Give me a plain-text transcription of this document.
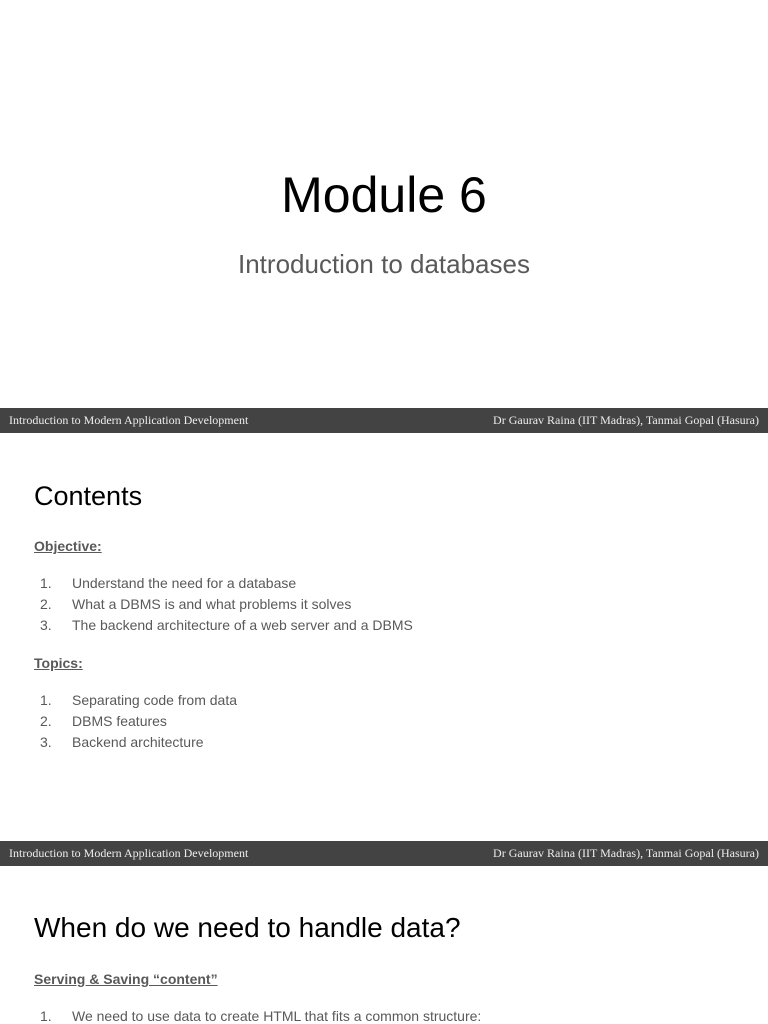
Module 6
Introduction to databases
Introduction to Modern Application Development	Dr Gaurav Raina (IIT Madras), Tanmai Gopal (Hasura)
Contents
Objective:
1. Understand the need for a database
2. What a DBMS is and what problems it solves
3. The backend architecture of a web server and a DBMS
Topics:
1. Separating code from data
2. DBMS features
3. Backend architecture
Introduction to Modern Application Development	Dr Gaurav Raina (IIT Madras), Tanmai Gopal (Hasura)
When do we need to handle data?
Serving & Saving “content”
1. We need to use data to create HTML that fits a common structure:
